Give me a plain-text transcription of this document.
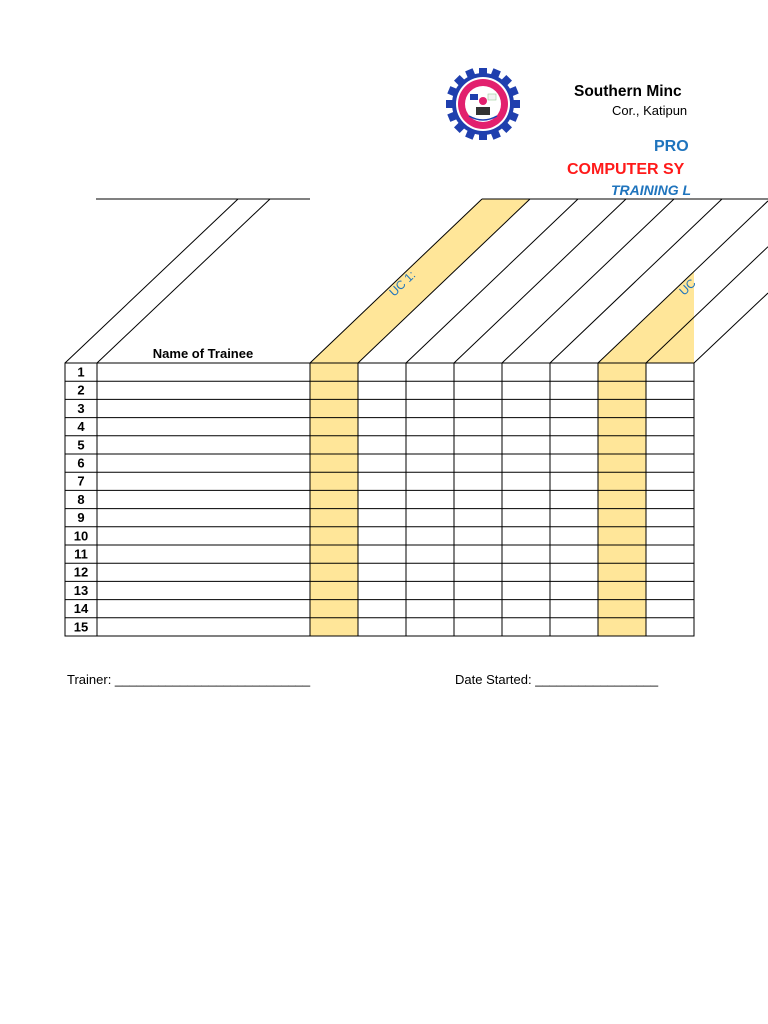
Southern Minc
Cor., Katipun
PRO
COMPUTER SY
TRAINING L
Name of Trainee
1
2
3
4
5
6
7
8
9
10
11
12
13
14
15
UC 1:	UC
Trainer: ___________________________	Date Started: _________________
